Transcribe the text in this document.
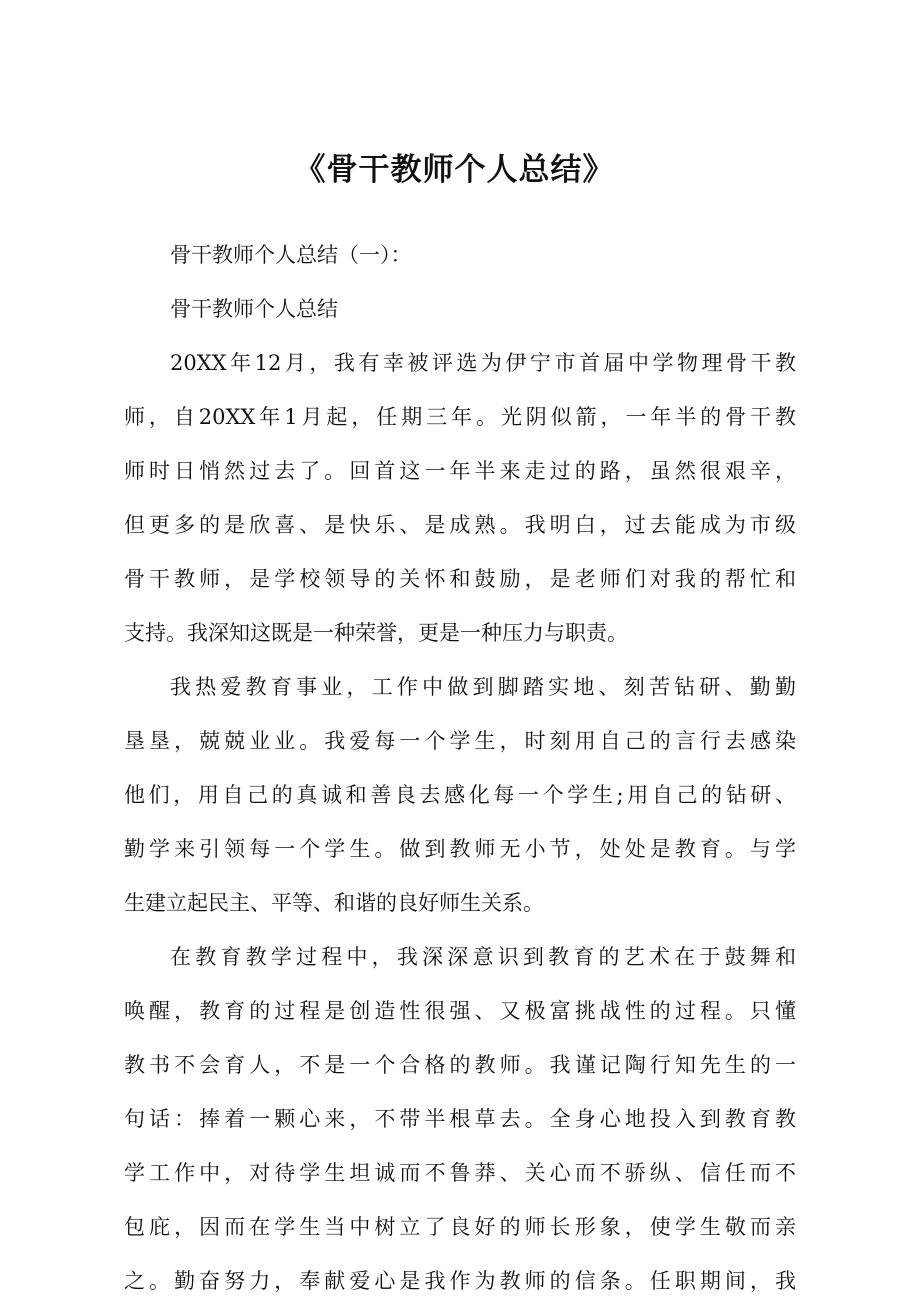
《骨干教师个人总结》

骨干教师个人总结（一）：

骨干教师个人总结

20XX年12月，我有幸被评选为伊宁市首届中学物理骨干教

师，自20XX年1月起，任期三年。光阴似箭，一年半的骨干教

师时日悄然过去了。回首这一年半来走过的路，虽然很艰辛，

但更多的是欣喜、是快乐、是成熟。我明白，过去能成为市级

骨干教师，是学校领导的关怀和鼓励，是老师们对我的帮忙和

支持。我深知这既是一种荣誉，更是一种压力与职责。

我热爱教育事业，工作中做到脚踏实地、刻苦钻研、勤勤

垦垦，兢兢业业。我爱每一个学生，时刻用自己的言行去感染

他们，用自己的真诚和善良去感化每一个学生;用自己的钻研、

勤学来引领每一个学生。做到教师无小节，处处是教育。与学

生建立起民主、平等、和谐的良好师生关系。

在教育教学过程中，我深深意识到教育的艺术在于鼓舞和

唤醒，教育的过程是创造性很强、又极富挑战性的过程。只懂

教书不会育人，不是一个合格的教师。我谨记陶行知先生的一

句话：捧着一颗心来，不带半根草去。全身心地投入到教育教

学工作中，对待学生坦诚而不鲁莽、关心而不骄纵、信任而不

包庇，因而在学生当中树立了良好的师长形象，使学生敬而亲

之。勤奋努力，奉献爱心是我作为教师的信条。任职期间，我
